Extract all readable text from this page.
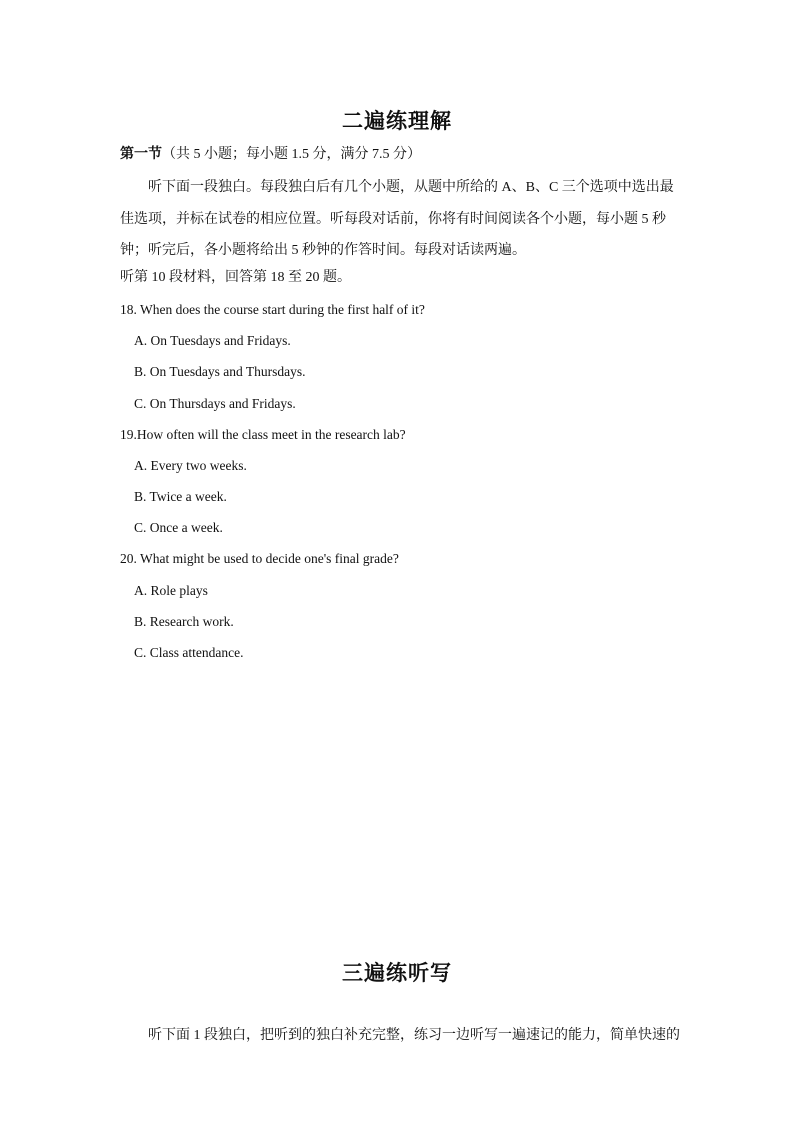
二遍练理解
第一节（共 5 小题；每小题 1.5 分，满分 7.5 分）
听下面一段独白。每段独白后有几个小题，从题中所给的 A、B、C 三个选项中选出最佳选项，并标在试卷的相应位置。听每段对话前，你将有时间阅读各个小题，每小题 5 秒钟；听完后，各小题将给出 5 秒钟的作答时间。每段对话读两遍。
听第 10 段材料，回答第 18 至 20 题。
18. When does the course start during the first half of it?
A. On Tuesdays and Fridays.
B. On Tuesdays and Thursdays.
C. On Thursdays and Fridays.
19.How often will the class meet in the research lab?
A. Every two weeks.
B. Twice a week.
C. Once a week.
20. What might be used to decide one's final grade?
A. Role plays
B. Research work.
C. Class attendance.
三遍练听写
听下面 1 段独白，把听到的独白补充完整，练习一边听写一遍速记的能力，简单快速的
